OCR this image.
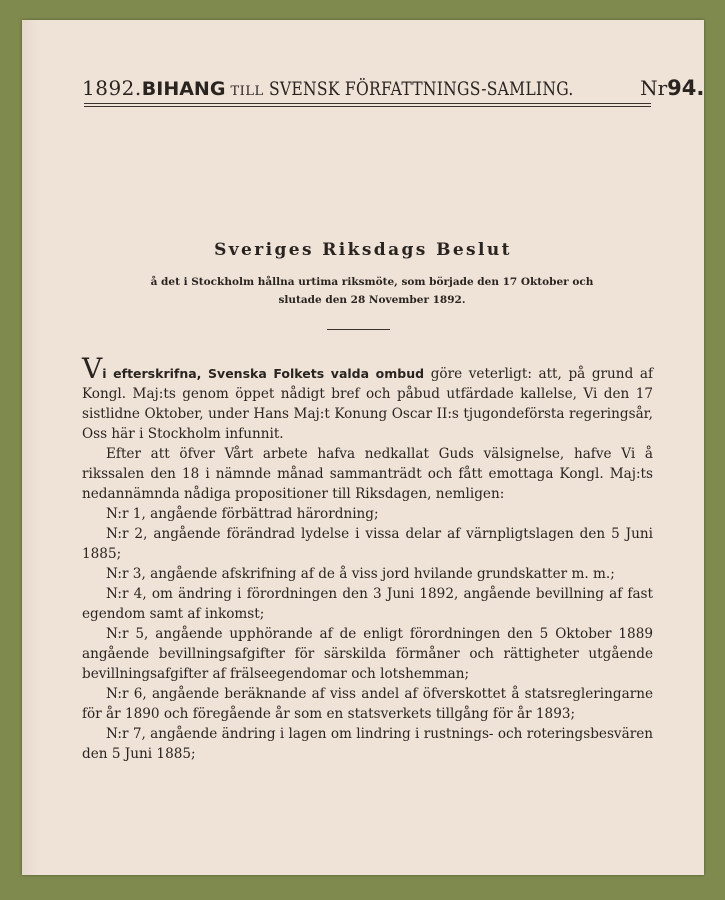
1892. BIHANG TILL SVENSK FÖRFATTNINGS-SAMLING.	Nr94.
Sveriges Riksdags Beslut
å det i Stockholm hållna urtima riksmöte, som började den 17 Oktober och slutade den 28 November 1892.

Vi efterskrifna, Svenska Folkets valda ombud göre veterligt: att, på grund af Kongl. Maj:ts genom öppet nådigt bref och påbud utfärdade kallelse, Vi den 17 sistlidne Oktober, under Hans Maj:t Konung Oscar II:s tjugondeförsta regeringsår, Oss här i Stockholm infunnit.

Efter att öfver Vårt arbete hafva nedkallat Guds välsignelse, hafve Vi å rikssalen den 18 i nämnde månad sammanträdt och fått emottaga Kongl. Maj:ts nedannämnda nådiga propositioner till Riksdagen, nemligen:

N:r 1, angående förbättrad härordning;

N:r 2, angående förändrad lydelse i vissa delar af värnpligtslagen den 5 Juni 1885;

N:r 3, angående afskrifning af de å viss jord hvilande grundskatter m. m.;

N:r 4, om ändring i förordningen den 3 Juni 1892, angående bevillning af fast egendom samt af inkomst;

N:r 5, angående upphörande af de enligt förordningen den 5 Oktober 1889 angående bevillningsafgifter för särskilda förmåner och rättigheter utgående bevillningsafgifter af frälseegendomar och lotshemman;

N:r 6, angående beräknande af viss andel af öfverskottet å statsregleringarne för år 1890 och föregående år som en statsverkets tillgång för år 1893;

N:r 7, angående ändring i lagen om lindring i rustnings- och roteringsbesvären den 5 Juni 1885;
